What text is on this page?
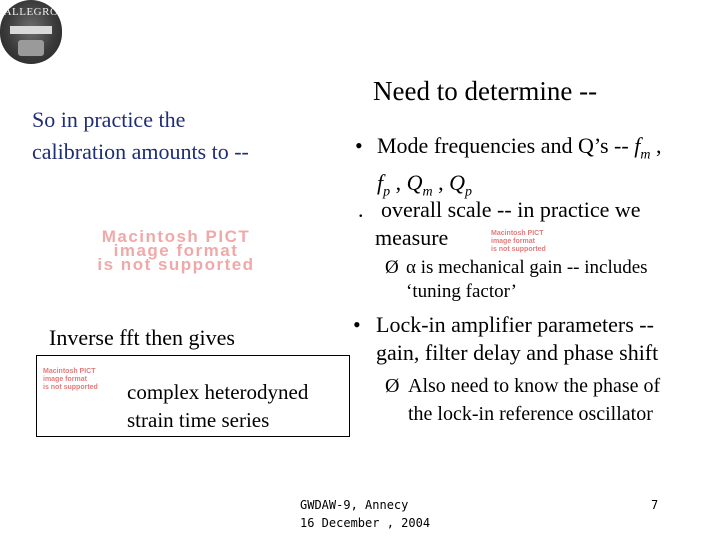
ALLEGRO
So in practice the
calibration amounts to --
Macintosh PICT
image format
is not supported
Inverse fft then gives
Macintosh PICT
image format
is not supported complex heterodyned
strain time series
Need to determine --
• Mode frequencies and Q’s -- $f_m$ ,
$f_p$ , $Q_m$ , $Q_p$
. overall scale -- in practice we
measure	Macintosh PICT
image format
is not supported
Ø α is mechanical gain -- includes
‘tuning factor’
• Lock-in amplifier parameters --
gain, filter delay and phase shift
Ø Also need to know the phase of
the lock-in reference oscillator
GWDAW-9, Annecy
16 December , 2004
7
